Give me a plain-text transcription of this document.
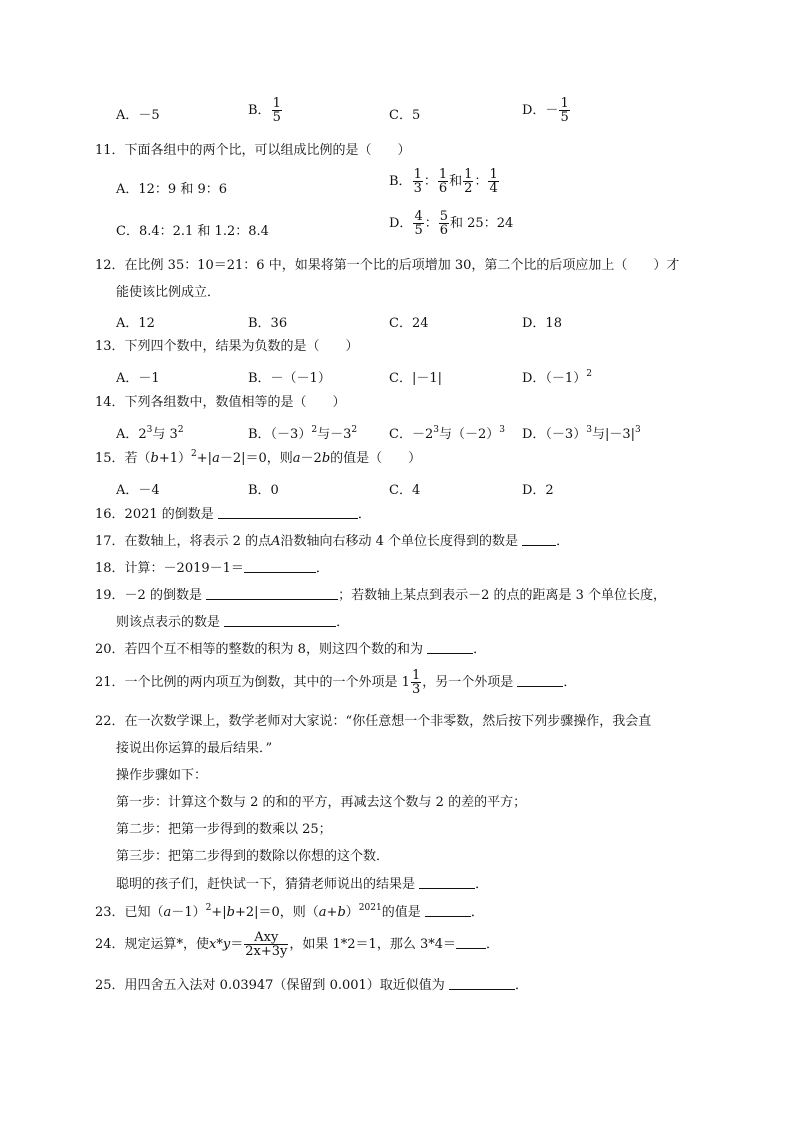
A．－5	B． $\frac{1}{5}$	C．5	D．－ $\frac{1}{5}$
11．下面各组中的两个比，可以组成比例的是（　　）
A．12：9 和 9：6
B． $\frac{1}{3}$ ： $\frac{1}{6}$ 和 $\frac{1}{2}$ ： $\frac{1}{4}$
C．8.4：2.1 和 1.2：8.4
D． $\frac{4}{5}$ ： $\frac{5}{6}$ 和 25：24
12．在比例 35：10＝21：6 中，如果将第一个比的后项增加 30，第二个比的后项应加上（　　）才
能使该比例成立．
A．12	B．36	C．24	D．18
13．下列四个数中，结果为负数的是（　　）
A．－1	B．－（－1）	C．|－1|	D．$(-1)^2$
14．下列各组数中，数值相等的是（　　）
A．$2^3$与 $3^2$	B．$(-3)^2$与$-3^2$ C．$-2^3$与$(-2)^3$ D．$(-3)^3$与$|-3|^3$
15．若$(b+1)^2+|a-2|=0$，则a－2b的值是（　　）
A．－4	B．0	C．4	D．2
16．2021 的倒数是	．
17．在数轴上，将表示 2 的点A沿数轴向右移动 4 个单位长度得到的数是	．
18．计算：－2019－1＝	．
19．－2 的倒数是	；若数轴上某点到表示－2 的点的距离是 3 个单位长度，
则该点表示的数是	．
20．若四个互不相等的整数的积为 8，则这四个数的和为	．
21．一个比例的两内项互为倒数，其中的一个外项是 $1 \frac{1}{3}$ ，另一个外项是	．
22．在一次数学课上，数学老师对大家说：“你任意想一个非零数，然后按下列步骤操作，我会直
接说出你运算的最后结果．”
操作步骤如下：
第一步：计算这个数与 2 的和的平方，再减去这个数与 2 的差的平方；
第二步：把第一步得到的数乘以 25；
第三步：把第二步得到的数除以你想的这个数．
聪明的孩子们，赶快试一下，猜猜老师说出的结果是	．
23．已知$(a-1)^2+|b+2|=0$，则$(a+b)^{2021}$的值是	．
24．规定运算*，使$x*y= \frac{\text{Axy}}{2x+3y}$ ，如果 1*2＝1，那么 3*4＝ ．
25．用四舍五入法对 0.03947（保留到 0.001）取近似值为	．
